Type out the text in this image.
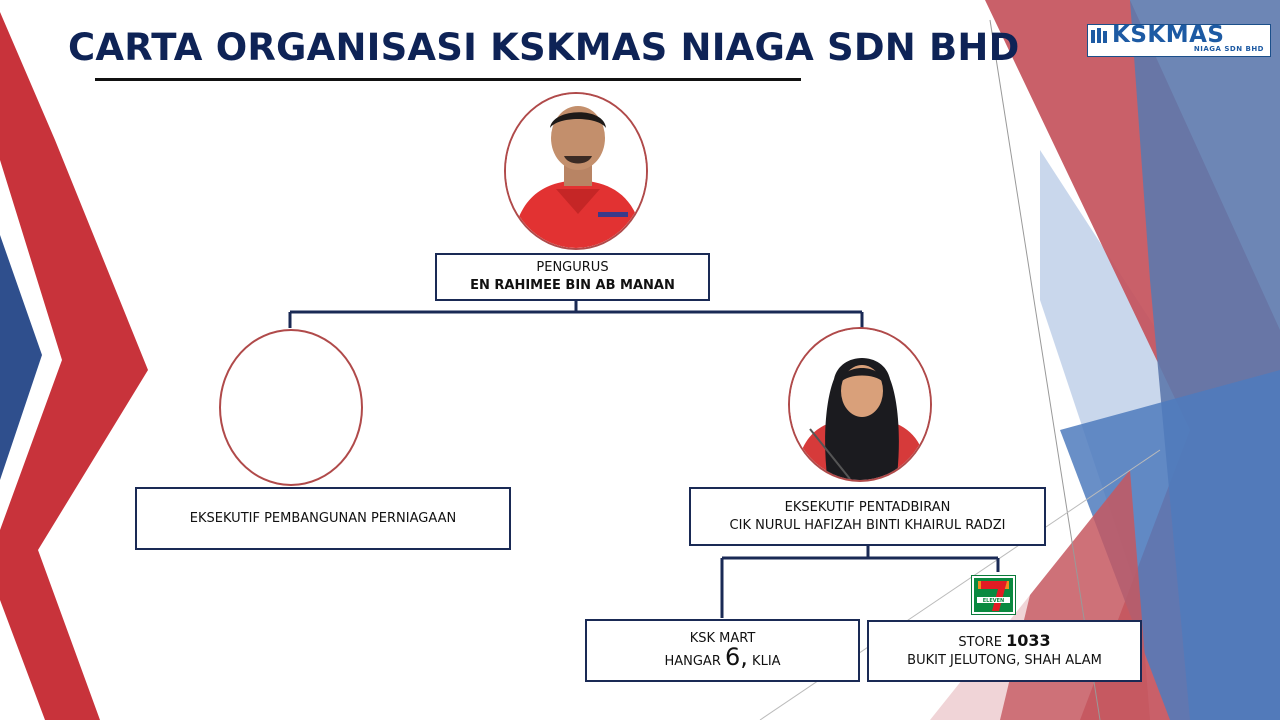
CARTA ORGANISASI KSKMAS NIAGA SDN BHD	KSKMAS
NIAGA SDN BHD
PENGURUS
EN RAHIMEE BIN AB MANAN
EKSEKUTIF PEMBANGUNAN PERNIAGAAN
EKSEKUTIF PENTADBIRAN
CIK NURUL HAFIZAH BINTI KHAIRUL RADZI
ELEVEN
KSK MART
HANGAR 6, KLIA
STORE 1033
BUKIT JELUTONG, SHAH ALAM
